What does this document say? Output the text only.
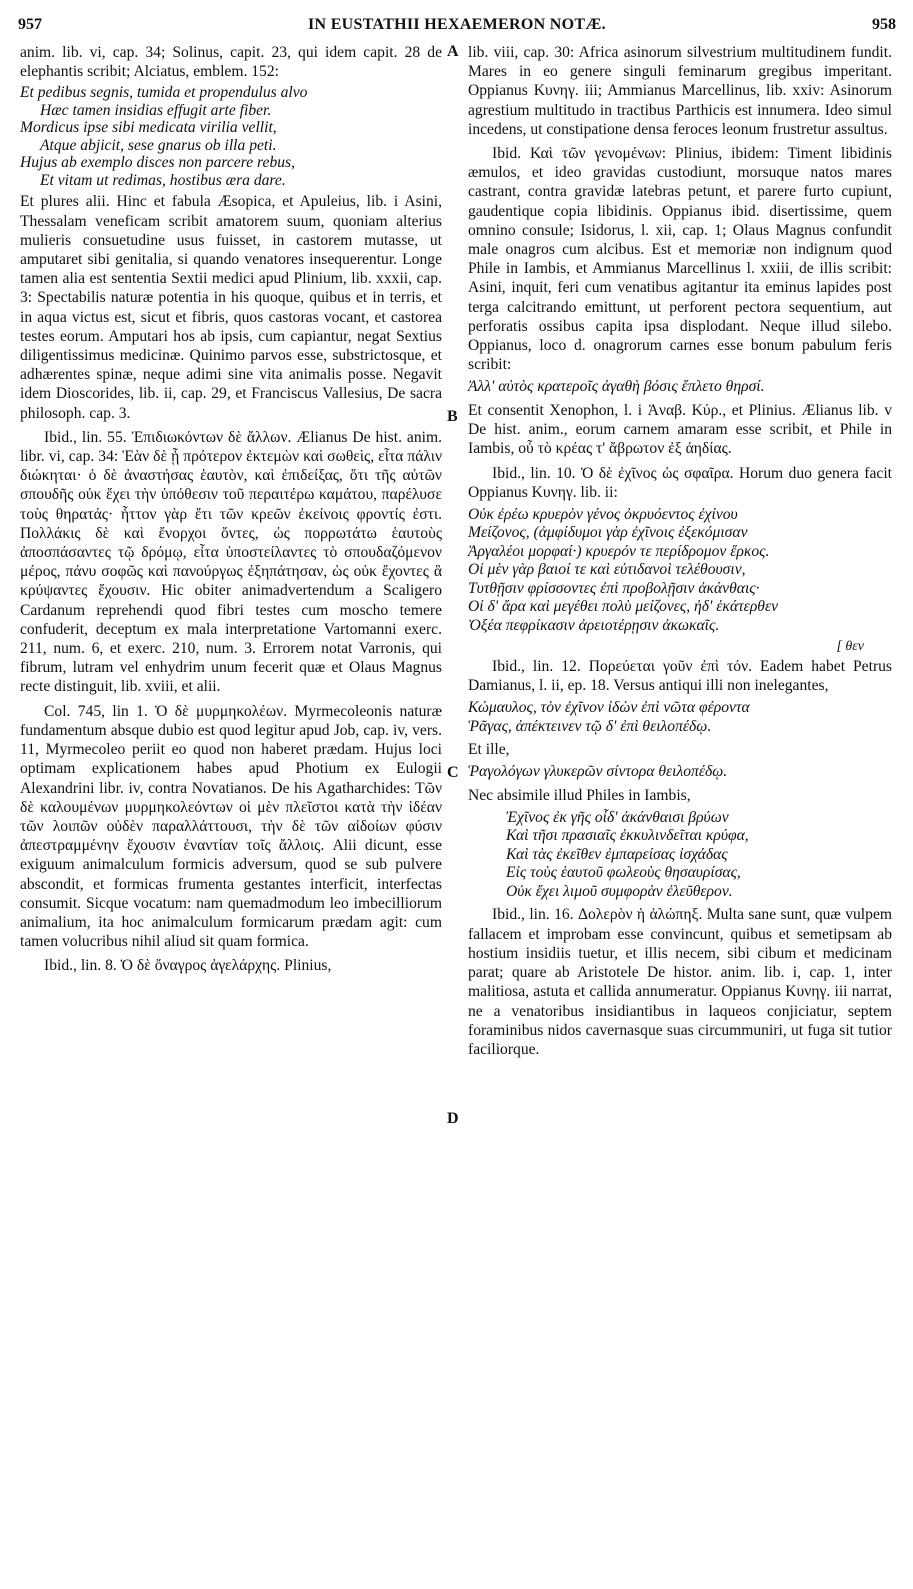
957	IN EUSTATHII HEXAEMERON NOTÆ.	958
A
B
C
D

anim. lib. vi, cap. 34; Solinus, capit. 23, qui idem capit. 28 de elephantis scribit; Alciatus, emblem. 152:

Et pedibus segnis, tumida et propendulus alvo
Hæc tamen insidias effugit arte fiber.
Mordicus ipse sibi medicata virilia vellit,
Atque abjicit, sese gnarus ob illa peti.
Hujus ab exemplo disces non parcere rebus,
Et vitam ut redimas, hostibus æra dare.

Et plures alii. Hinc et fabula Æsopica, et Apuleius, lib. i Asini, Thessalam veneficam scribit amatorem suum, quoniam alterius mulieris consuetudine usus fuisset, in castorem mutasse, ut amputaret sibi genitalia, si quando venatores insequerentur. Longe tamen alia est sententia Sextii medici apud Plinium, lib. xxxii, cap. 3: Spectabilis naturæ potentia in his quoque, quibus et in terris, et in aqua victus est, sicut et fibris, quos castoras vocant, et castorea testes eorum. Amputari hos ab ipsis, cum capiantur, negat Sextius diligentissimus medicinæ. Quinimo parvos esse, substrictosque, et adhærentes spinæ, neque adimi sine vita animalis posse. Negavit idem Dioscorides, lib. ii, cap. 29, et Franciscus Vallesius, De sacra philosoph. cap. 3.

Ibid., lin. 55. Ἐπιδιωκόντων δὲ ἄλλων. Ælianus De hist. anim. libr. vi, cap. 34: Ἐὰν δὲ ᾖ πρότερον ἐκτεμὼν καὶ σωθεὶς, εἶτα πάλιν διώκηται· ὁ δὲ ἀναστήσας ἑαυτὸν, καὶ ἐπιδείξας, ὅτι τῆς αὐτῶν σπουδῆς οὐκ ἔχει τὴν ὑπόθεσιν τοῦ περαιτέρω καμάτου, παρέλυσε τοὺς θηρατάς· ἧττον γὰρ ἔτι τῶν κρεῶν ἐκείνοις φροντίς ἐστι. Πολλάκις δὲ καὶ ἔνορχοι ὄντες, ὡς πορρωτάτω ἑαυτοὺς ἀποσπάσαντες τῷ δρόμῳ, εἶτα ὑποστείλαντες τὸ σπουδαζόμενον μέρος, πάνυ σοφῶς καὶ πανούργως ἐξηπάτησαν, ὡς οὐκ ἔχοντες ἃ κρύψαντες ἔχουσιν. Hic obiter animadvertendum a Scaligero Cardanum reprehendi quod fibri testes cum moscho temere confuderit, deceptum ex mala interpretatione Vartomanni exerc. 211, num. 6, et exerc. 210, num. 3. Errorem notat Varronis, qui fibrum, lutram vel enhydrim unum fecerit quæ et Olaus Magnus recte distinguit, lib. xviii, et alii.

Col. 745, lin 1. Ὁ δὲ μυρμηκολέων. Myrmecoleonis naturæ fundamentum absque dubio est quod legitur apud Job, cap. iv, vers. 11, Myrmecoleo periit eo quod non haberet prædam. Hujus loci optimam explicationem habes apud Photium ex Eulogii Alexandrini libr. iv, contra Novatianos. De his Agatharchides: Τῶν δὲ καλουμένων μυρμηκολεόντων οἱ μὲν πλεῖστοι κατὰ τὴν ἰδέαν τῶν λοιπῶν οὐδὲν παραλλάττουσι, τὴν δὲ τῶν αἰδοίων φύσιν ἀπεστραμμένην ἔχουσιν ἐναντίαν τοῖς ἄλλοις. Alii dicunt, esse exiguum animalculum formicis adversum, quod se sub pulvere abscondit, et formicas frumenta gestantes interficit, interfectas consumit. Sicque vocatum: nam quemadmodum leo imbecilliorum animalium, ita hoc animalculum formicarum prædam agit: cum tamen volucribus nihil aliud sit quam formica.

Ibid., lin. 8. Ὁ δὲ ὄναγρος ἀγελάρχης. Plinius,

lib. viii, cap. 30: Africa asinorum silvestrium multitudinem fundit. Mares in eo genere singuli feminarum gregibus imperitant. Oppianus Κυνηγ. iii; Ammianus Marcellinus, lib. xxiv: Asinorum agrestium multitudo in tractibus Parthicis est innumera. Ideo simul incedens, ut constipatione densa feroces leonum frustretur assultus.

Ibid. Καὶ τῶν γενομένων: Plinius, ibidem: Timent libidinis æmulos, et ideo gravidas custodiunt, morsuque natos mares castrant, contra gravidæ latebras petunt, et parere furto cupiunt, gaudentique copia libidinis. Oppianus ibid. disertissime, quem omnino consule; Isidorus, l. xii, cap. 1; Olaus Magnus confundit male onagros cum alcibus. Est et memoriæ non indignum quod Phile in Iambis, et Ammianus Marcellinus l. xxiii, de illis scribit: Asini, inquit, feri cum venatibus agitantur ita eminus lapides post terga calcitrando emittunt, ut perforent pectora sequentium, aut perforatis ossibus capita ipsa displodant. Neque illud silebo. Oppianus, loco d. onagrorum carnes esse bonum pabulum feris scribit:

Ἀλλ' αὐτὸς κρατεροῖς ἀγαθὴ βόσις ἔπλετο θηρσί.

Et consentit Xenophon, l. i Ἀναβ. Κύρ., et Plinius. Ælianus lib. v De hist. anim., eorum carnem amaram esse scribit, et Phile in Iambis, οὗ τὸ κρέας τ' ἄβρωτον ἐξ ἀηδίας.

Ibid., lin. 10. Ὁ δὲ ἐχῖνος ὡς σφαῖρα. Horum duo genera facit Oppianus Κυνηγ. lib. ii:

Οὐκ ἐρέω κρυερὸν γένος ὀκρυόεντος ἐχίνου
Μείζονος, (ἀμφίδυμοι γὰρ ἐχῖνοις ἐξεκόμισαν
Ἀργαλέοι μορφαί·) κρυερόν τε περίδρομον ἕρκος.
Οἱ μὲν γὰρ βαιοί τε καὶ εὐτιδανοὶ τελέθουσιν,
Τυτθῇσιν φρίσσοντες ἐπὶ προβολῇσιν ἀκάνθαις·
Οἱ δ' ἄρα καὶ μεγέθει πολὺ μείζονες, ἠδ' ἑκάτερθεν
Ὀξέα πεφρίκασιν ἀρειοτέρῃσιν ἀκωκαῖς.

[ θεν

Ibid., lin. 12. Πορεύεται γοῦν ἐπὶ τόν. Eadem habet Petrus Damianus, l. ii, ep. 18. Versus antiqui illi non inelegantes,

Κώμαυλος, τὸν ἐχῖνον ἰδὼν ἐπὶ νῶτα φέροντα
Ῥᾶγας, ἀπέκτεινεν τῷ δ' ἐπὶ θειλοπέδῳ.

Et ille,

Ῥαγολόγων γλυκερῶν σίντορα θειλοπέδῳ.

Nec absimile illud Philes in Iambis,

Ἐχῖνος ἐκ γῆς οἶδ' ἀκάνθαισι βρύων
Καὶ τῆσι πρασιαῖς ἐκκυλινδεῖται κρύφα,
Καὶ τὰς ἐκεῖθεν ἐμπαρείσας ἰσχάδας
Εἰς τοὺς ἑαυτοῦ φωλεοὺς θησαυρίσας,
Οὐκ ἔχει λιμοῦ συμφορὰν ἐλεῦθερον.

Ibid., lin. 16. Δολερὸν ἡ ἀλώπηξ. Multa sane sunt, quæ vulpem fallacem et improbam esse convincunt, quibus et semetipsam ab hostium insidiis tuetur, et illis necem, sibi cibum et medicinam parat; quare ab Aristotele De histor. anim. lib. i, cap. 1, inter malitiosa, astuta et callida annumeratur. Oppianus Κυνηγ. iii narrat, ne a venatoribus insidiantibus in laqueos conjiciatur, septem foraminibus nidos cavernasque suas circummuniri, ut fuga sit tutior faciliorque.
